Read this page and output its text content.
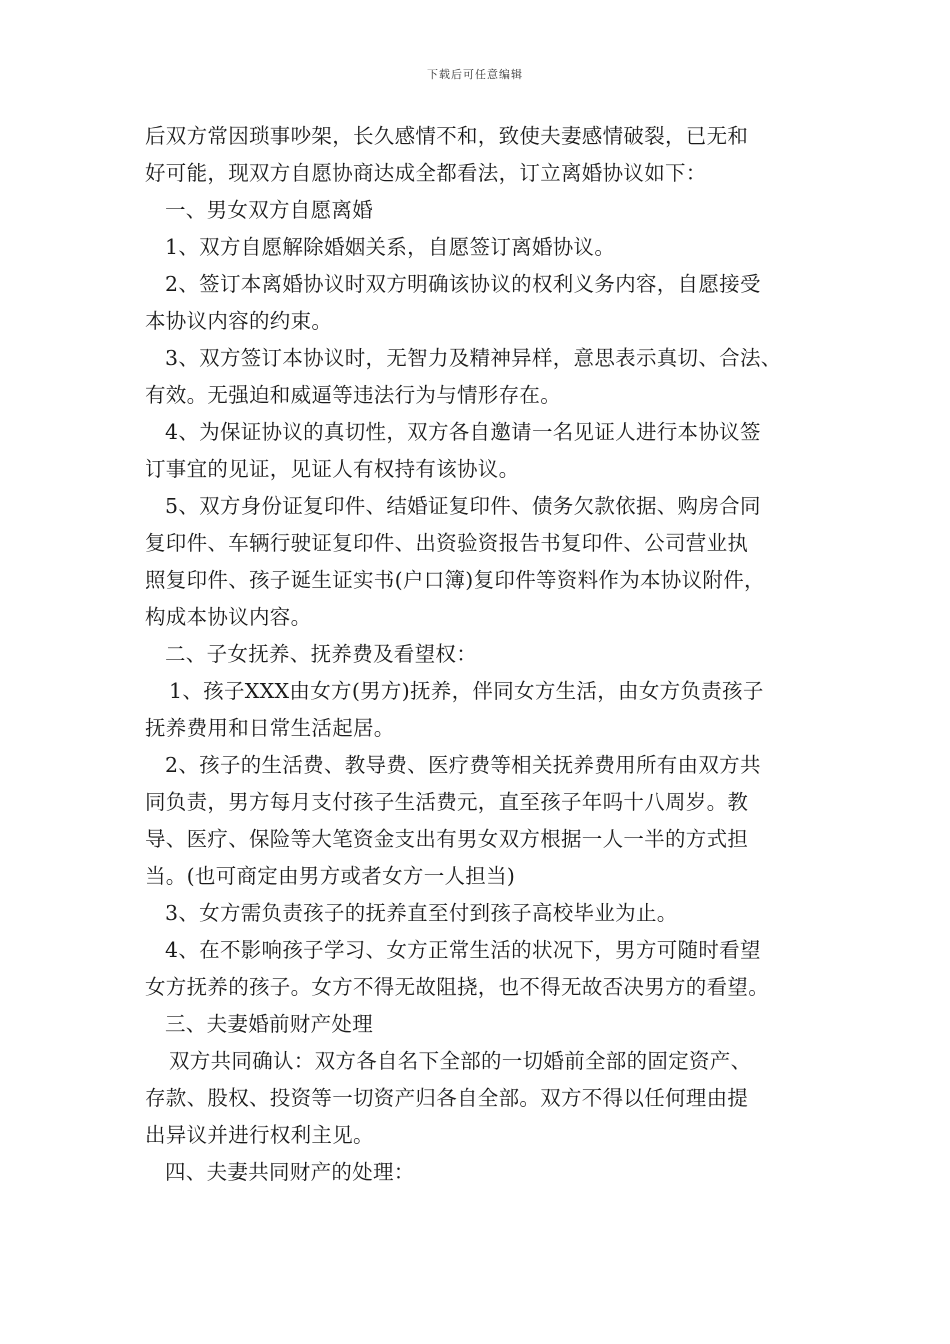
下载后可任意编辑
后双方常因琐事吵架，长久感情不和，致使夫妻感情破裂，已无和
好可能，现双方自愿协商达成全都看法，订立离婚协议如下：
一、男女双方自愿离婚
1、双方自愿解除婚姻关系，自愿签订离婚协议。
2、签订本离婚协议时双方明确该协议的权利义务内容，自愿接受
本协议内容的约束。
3、双方签订本协议时，无智力及精神异样，意思表示真切、合法、
有效。无强迫和威逼等违法行为与情形存在。
4、为保证协议的真切性，双方各自邀请一名见证人进行本协议签
订事宜的见证，见证人有权持有该协议。
5、双方身份证复印件、结婚证复印件、债务欠款依据、购房合同
复印件、车辆行驶证复印件、出资验资报告书复印件、公司营业执
照复印件、孩子诞生证实书(户口簿)复印件等资料作为本协议附件，
构成本协议内容。
二、子女抚养、抚养费及看望权：
1、孩子XXX由女方(男方)抚养，伴同女方生活，由女方负责孩子
抚养费用和日常生活起居。
2、孩子的生活费、教导费、医疗费等相关抚养费用所有由双方共
同负责，男方每月支付孩子生活费元，直至孩子年吗十八周岁。教
导、医疗、保险等大笔资金支出有男女双方根据一人一半的方式担
当。(也可商定由男方或者女方一人担当)
3、女方需负责孩子的抚养直至付到孩子高校毕业为止。
4、在不影响孩子学习、女方正常生活的状况下，男方可随时看望
女方抚养的孩子。女方不得无故阻挠，也不得无故否决男方的看望。
三、夫妻婚前财产处理
双方共同确认：双方各自名下全部的一切婚前全部的固定资产、
存款、股权、投资等一切资产归各自全部。双方不得以任何理由提
出异议并进行权利主见。
四、夫妻共同财产的处理：
